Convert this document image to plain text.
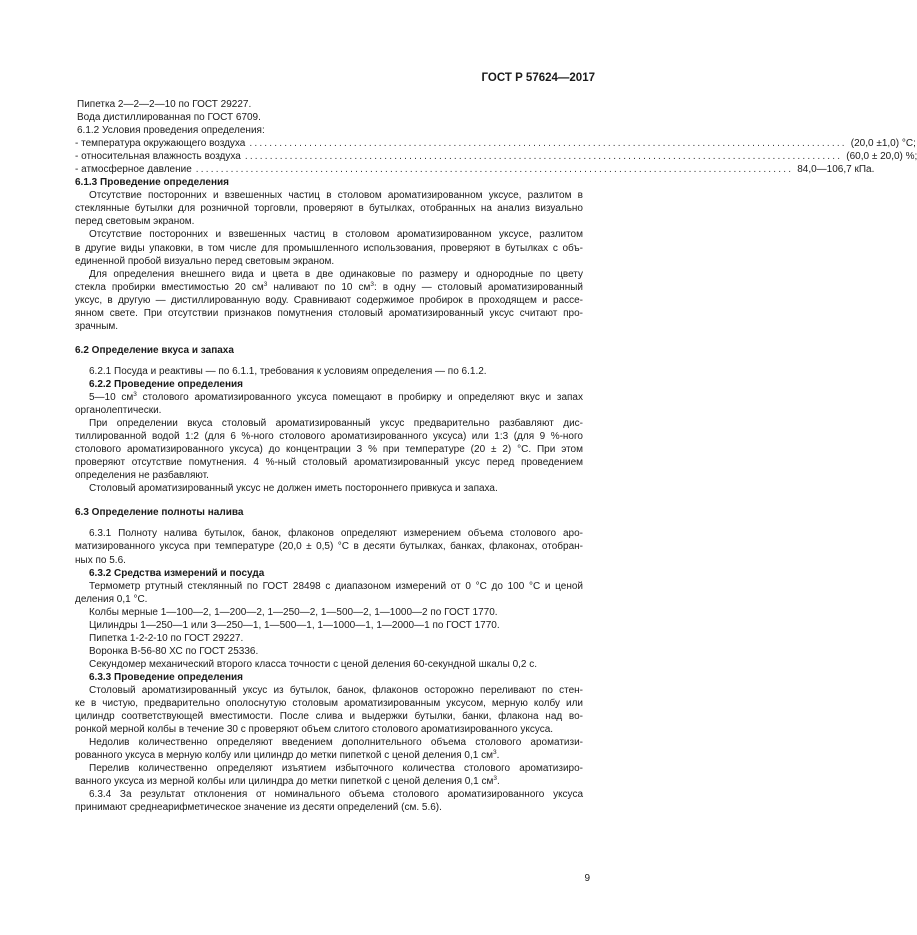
ГОСТ Р 57624—2017
Пипетка 2—2—2—10 по ГОСТ 29227.
Вода дистиллированная по ГОСТ 6709.
6.1.2 Условия проведения определения:
- температура окружающего воздуха ........................................................................................................................ (20,0 ±1,0) °С;
- относительная влажность воздуха ........................................................................................................................ (60,0 ± 20,0) %;
- атмосферное давление ........................................................................................................................ 84,0—106,7 кПа.
6.1.3 Проведение определения
Отсутствие посторонних и взвешенных частиц в столовом ароматизированном уксусе, разлитом в
стеклянные бутылки для розничной торговли, проверяют в бутылках, отобранных на анализ визуально
перед световым экраном.
Отсутствие посторонних и взвешенных частиц в столовом ароматизированном уксусе, разлитом
в другие виды упаковки, в том числе для промышленного использования, проверяют в бутылках с объ-
единенной пробой визуально перед световым экраном.
Для определения внешнего вида и цвета в две одинаковые по размеру и однородные по цвету
стекла пробирки вместимостью 20 $см^3$ наливают по 10 $см^3$: в одну — столовый ароматизированный
уксус, в другую — дистиллированную воду. Сравнивают содержимое пробирок в проходящем и рассе-
янном свете. При отсутствии признаков помутнения столовый ароматизированный уксус считают про-
зрачным.
6.2 Определение вкуса и запаха
6.2.1 Посуда и реактивы — по 6.1.1, требования к условиям определения — по 6.1.2.
6.2.2 Проведение определения
5—10 $см^3$ столового ароматизированного уксуса помещают в пробирку и определяют вкус и запах
органолептически.
При определении вкуса столовый ароматизированный уксус предварительно разбавляют дис-
тиллированной водой 1:2 (для 6 %-ного столового ароматизированного уксуса) или 1:3 (для 9 %-ного
столового ароматизированного уксуса) до концентрации 3 % при температуре (20 ± 2) °С. При этом
проверяют отсутствие помутнения. 4 %-ный столовый ароматизированный уксус перед проведением
определения не разбавляют.
Столовый ароматизированный уксус не должен иметь постороннего привкуса и запаха.
6.3 Определение полноты налива
6.3.1 Полноту налива бутылок, банок, флаконов определяют измерением объема столового аро-
матизированного уксуса при температуре (20,0 ± 0,5) °С в десяти бутылках, банках, флаконах, отобран-
ных по 5.6.
6.3.2 Средства измерений и посуда
Термометр ртутный стеклянный по ГОСТ 28498 с диапазоном измерений от 0 °С до 100 °С и ценой
деления 0,1 °С.
Колбы мерные 1—100—2, 1—200—2, 1—250—2, 1—500—2, 1—1000—2 по ГОСТ 1770.
Цилиндры 1—250—1 или 3—250—1, 1—500—1, 1—1000—1, 1—2000—1 по ГОСТ 1770.
Пипетка 1-2-2-10 по ГОСТ 29227.
Воронка В-56-80 ХС по ГОСТ 25336.
Секундомер механический второго класса точности с ценой деления 60-секундной шкалы 0,2 с.
6.3.3 Проведение определения
Столовый ароматизированный уксус из бутылок, банок, флаконов осторожно переливают по стен-
ке в чистую, предварительно ополоснутую столовым ароматизированным уксусом, мерную колбу или
цилиндр соответствующей вместимости. После слива и выдержки бутылки, банки, флакона над во-
ронкой мерной колбы в течение 30 с проверяют объем слитого столового ароматизированного уксуса.
Недолив количественно определяют введением дополнительного объема столового ароматизи-
рованного уксуса в мерную колбу или цилиндр до метки пипеткой с ценой деления 0,1 $см^3$.
Перелив количественно определяют изъятием избыточного количества столового ароматизиро-
ванного уксуса из мерной колбы или цилиндра до метки пипеткой с ценой деления 0,1 $см^3$.
6.3.4 За результат отклонения от номинального объема столового ароматизированного уксуса
принимают среднеарифметическое значение из десяти определений (см. 5.6).
9
